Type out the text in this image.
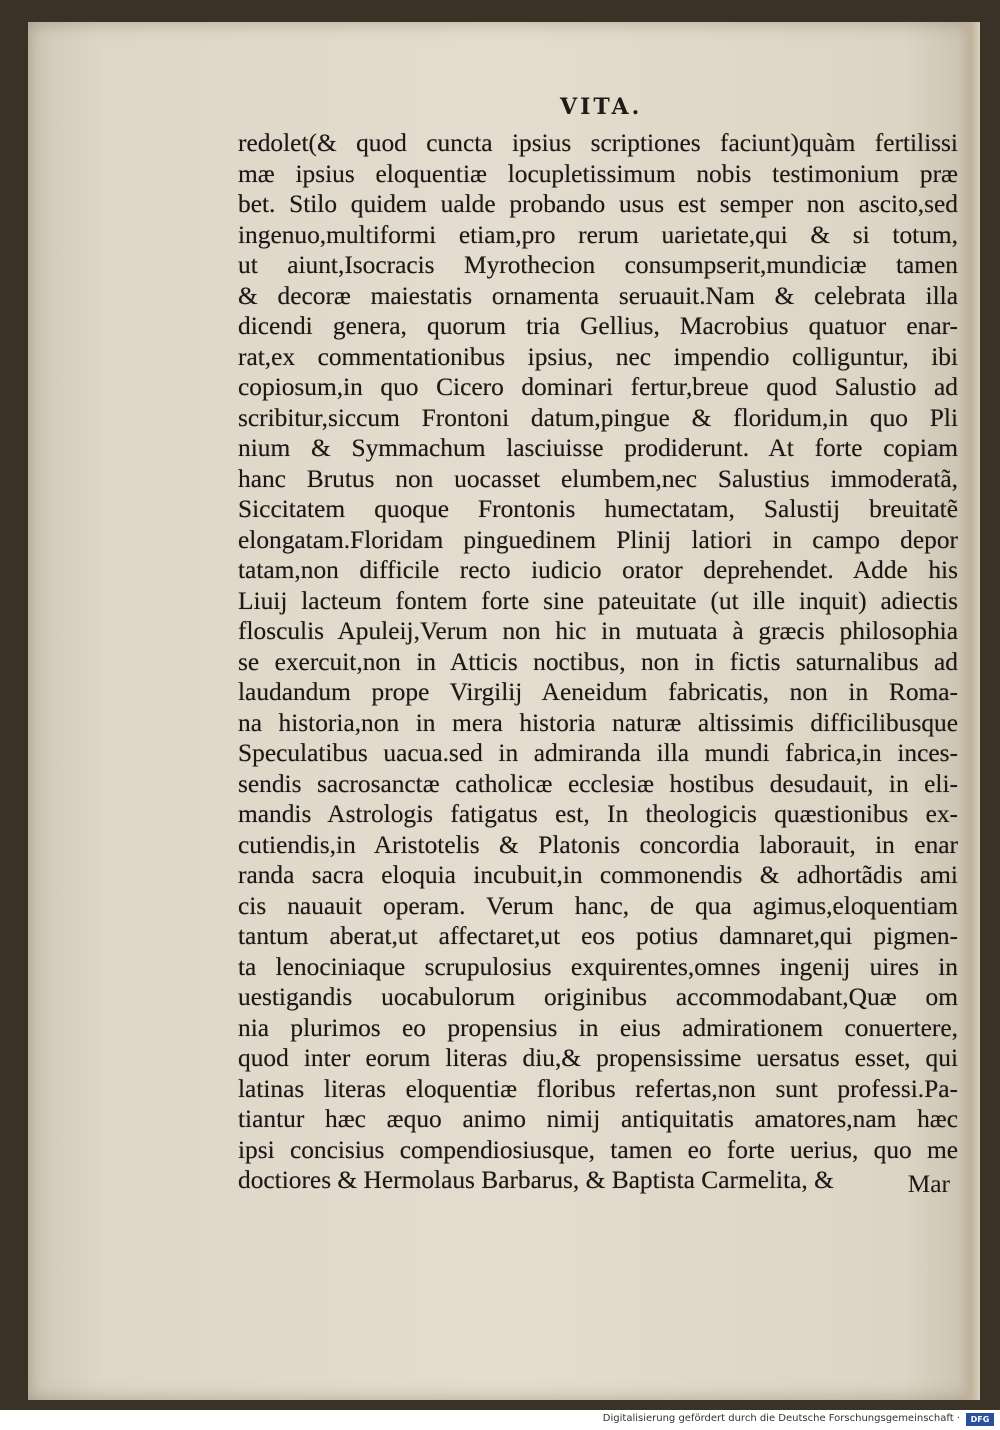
VITA.
redolet(& quod cuncta ipsius scriptiones faciunt)quàm fertilissi
mæ ipsius eloquentiæ locupletissimum nobis testimonium præ
bet. Stilo quidem ualde probando usus est semper non ascito,sed
ingenuo,multiformi etiam,pro rerum uarietate,qui & si totum,
ut aiunt,Isocracis Myrothecion consumpserit,mundiciæ tamen
& decoræ maiestatis ornamenta seruauit.Nam & celebrata illa
dicendi genera, quorum tria Gellius, Macrobius quatuor enar-
rat,ex commentationibus ipsius, nec impendio colliguntur, ibi
copiosum,in quo Cicero dominari fertur,breue quod Salustio ad
scribitur,siccum Frontoni datum,pingue & floridum,in quo Pli
nium & Symmachum lasciuisse prodiderunt. At forte copiam
hanc Brutus non uocasset elumbem,nec Salustius immoderatã,
Siccitatem quoque Frontonis humectatam, Salustij breuitatẽ
elongatam.Floridam pinguedinem Plinij latiori in campo depor
tatam,non difficile recto iudicio orator deprehendet. Adde his
Liuij lacteum fontem forte sine pateuitate (ut ille inquit) adiectis
flosculis Apuleij,Verum non hic in mutuata à græcis philosophia
se exercuit,non in Atticis noctibus, non in fictis saturnalibus ad
laudandum prope Virgilij Aeneidum fabricatis, non in Roma-
na historia,non in mera historia naturæ altissimis difficilibusque
Speculatibus uacua.sed in admiranda illa mundi fabrica,in inces-
sendis sacrosanctæ catholicæ ecclesiæ hostibus desudauit, in eli-
mandis Astrologis fatigatus est, In theologicis quæstionibus ex-
cutiendis,in Aristotelis & Platonis concordia laborauit, in enar
randa sacra eloquia incubuit,in commonendis & adhortãdis ami
cis nauauit operam. Verum hanc, de qua agimus,eloquentiam
tantum aberat,ut affectaret,ut eos potius damnaret,qui pigmen-
ta lenociniaque scrupulosius exquirentes,omnes ingenij uires in
uestigandis uocabulorum originibus accommodabant,Quæ om
nia plurimos eo propensius in eius admirationem conuertere,
quod inter eorum literas diu,& propensissime uersatus esset, qui
latinas literas eloquentiæ floribus refertas,non sunt professi.Pa-
tiantur hæc æquo animo nimij antiquitatis amatores,nam hæc
ipsi concisius compendiosiusque, tamen eo forte uerius, quo me
doctiores & Hermolaus Barbarus, & Baptista Carmelita, &	Mar
Digitalisierung gefördert durch die Deutsche Forschungsgemeinschaft ·	DFG
